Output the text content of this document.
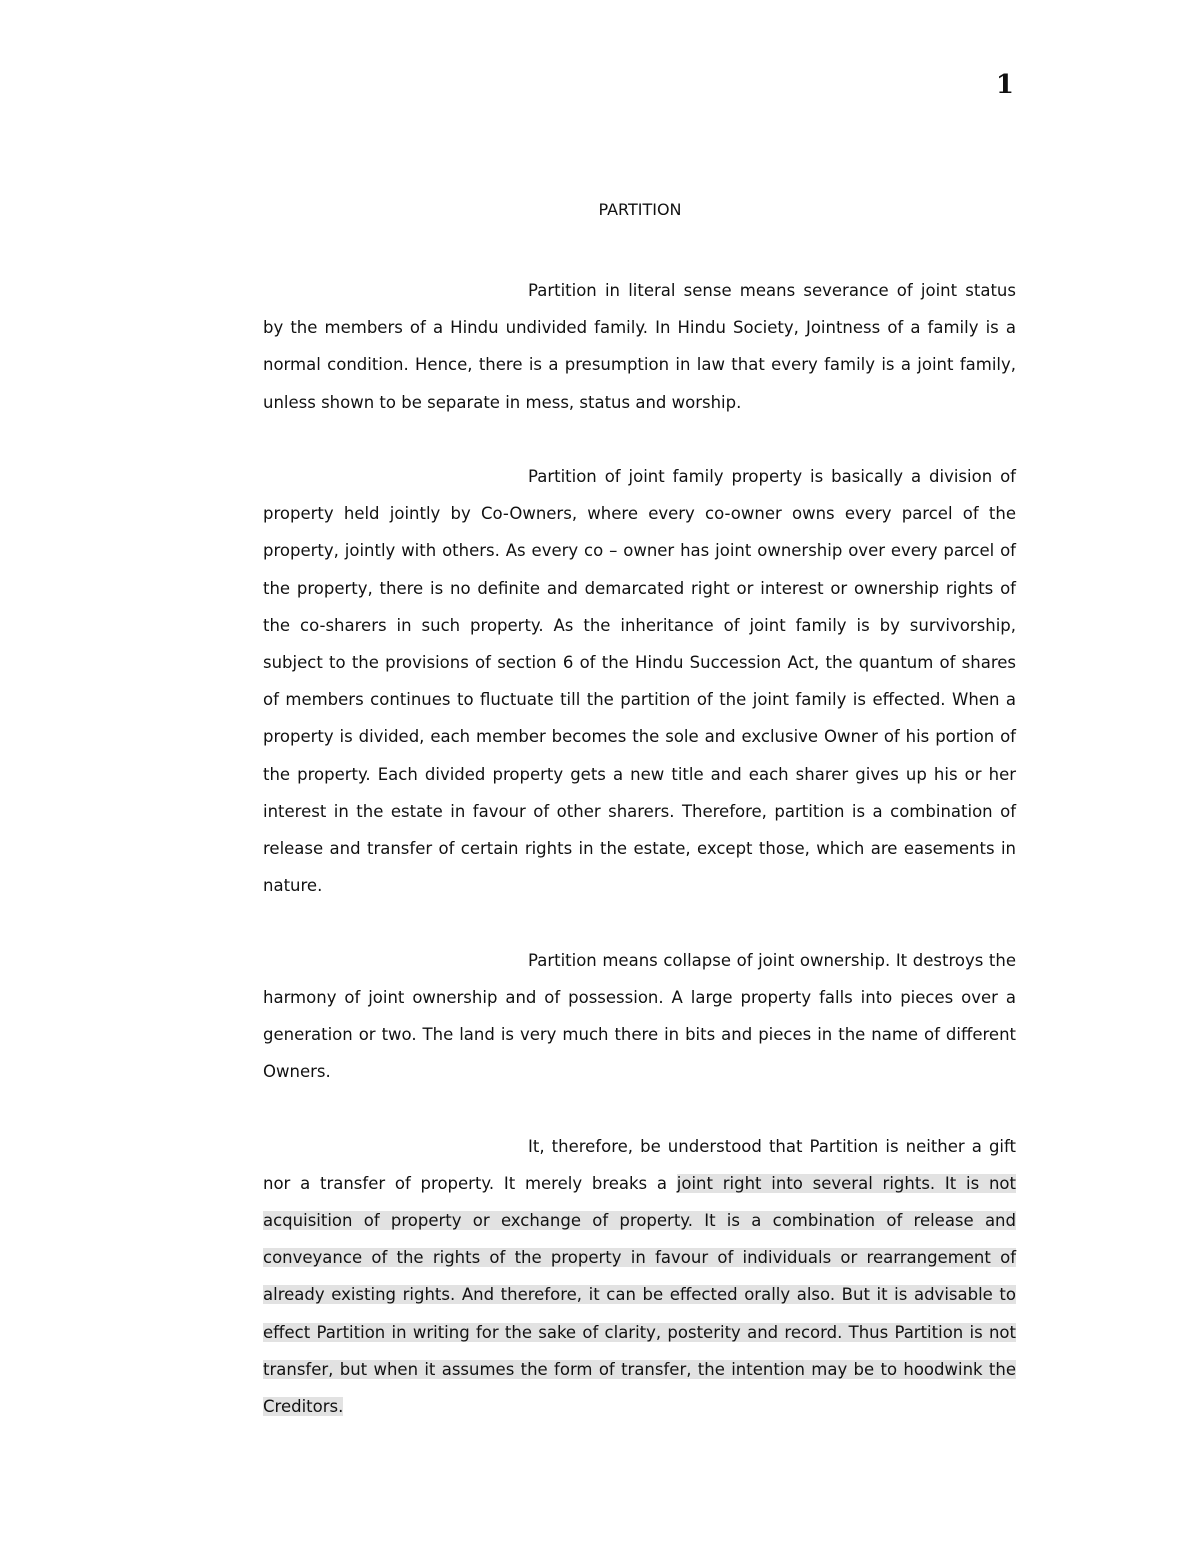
1
PARTITION

Partition in literal sense means severance of joint status by the members of a Hindu undivided family. In Hindu Society, Jointness of a family is a normal condition. Hence, there is a presumption in law that every family is a joint family, unless shown to be separate in mess, status and worship.

Partition of joint family property is basically a division of property held jointly by Co-Owners, where every co-owner owns every parcel of the property, jointly with others. As every co – owner has joint ownership over every parcel of the property, there is no definite and demarcated right or interest or ownership rights of the co-sharers in such property. As the inheritance of joint family is by survivorship, subject to the provisions of section 6 of the Hindu Succession Act, the quantum of shares of members continues to fluctuate till the partition of the joint family is effected. When a property is divided, each member becomes the sole and exclusive Owner of his portion of the property. Each divided property gets a new title and each sharer gives up his or her interest in the estate in favour of other sharers. Therefore, partition is a combination of release and transfer of certain rights in the estate, except those, which are easements in nature.

Partition means collapse of joint ownership. It destroys the harmony of joint ownership and of possession. A large property falls into pieces over a generation or two. The land is very much there in bits and pieces in the name of different Owners.

It, therefore, be understood that Partition is neither a gift nor a transfer of property. It merely breaks a joint right into several rights. It is not acquisition of property or exchange of property. It is a combination of release and conveyance of the rights of the property in favour of individuals or rearrangement of already existing rights. And therefore, it can be effected orally also. But it is advisable to effect Partition in writing for the sake of clarity, posterity and record. Thus Partition is not transfer, but when it assumes the form of transfer, the intention may be to hoodwink the Creditors.
